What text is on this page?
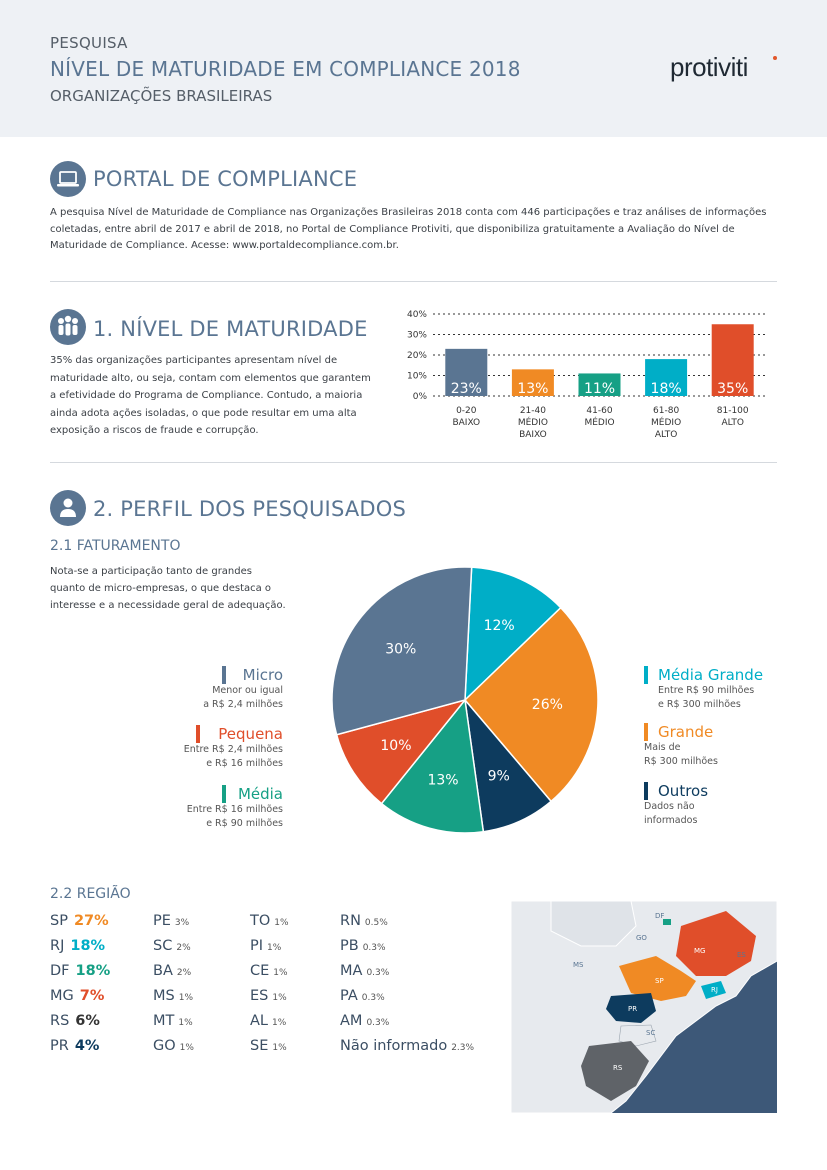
PESQUISA
NÍVEL DE MATURIDADE EM COMPLIANCE 2018
ORGANIZAÇÕES BRASILEIRAS
protiviti
PORTAL DE COMPLIANCE
A pesquisa Nível de Maturidade de Compliance nas Organizações Brasileiras 2018 conta com 446 participações e traz análises de informações coletadas, entre abril de 2017 e abril de 2018, no Portal de Compliance Protiviti, que disponibiliza gratuitamente a Avaliação do Nível de Maturidade de Compliance. Acesse: www.portaldecompliance.com.br.
1. NÍVEL DE MATURIDADE
35% das organizações participantes apresentam nível de maturidade alto, ou seja, contam com elementos que garantem a efetividade do Programa de Compliance. Contudo, a maioria ainda adota ações isoladas, o que pode resultar em uma alta exposição a riscos de fraude e corrupção.
0%
10%
20%
30%
40%
23%
0-20
BAIXO
13%
21-40
MÉDIO
BAIXO
11%
41-60
MÉDIO
18%
61-80
MÉDIO
ALTO
35%
81-100
ALTO
2. PERFIL DOS PESQUISADOS
2.1 FATURAMENTO
Nota-se a participação tanto de grandes quanto de micro-empresas, o que destaca o interesse e a necessidade geral de adequação.
12%
26%
9%
13%
10%
30%
Micro
Menor ou igual
a R$ 2,4 milhões
Pequena
Entre R$ 2,4 milhões
e R$ 16 milhões
Média
Entre R$ 16 milhões
e R$ 90 milhões
Média Grande
Entre R$ 90 milhões
e R$ 300 milhões
Grande
Mais de
R$ 300 milhões
Outros
Dados não
informados
2.2 REGIÃO
SP 27%
RJ 18%
DF 18%
MG 7%
RS 6%
PR 4%
PE 3%
SC 2%
BA 2%
MS 1%
MT 1%
GO 1%
TO 1%
PI 1%
CE 1%
ES 1%
AL 1%
SE 1%
RN 0.5%
PB 0.3%
MA 0.3%
PA 0.3%
AM 0.3%
Não informado 2.3%
DF
GO
MG
MS
ES
SP
RJ
PR
SC
RS
